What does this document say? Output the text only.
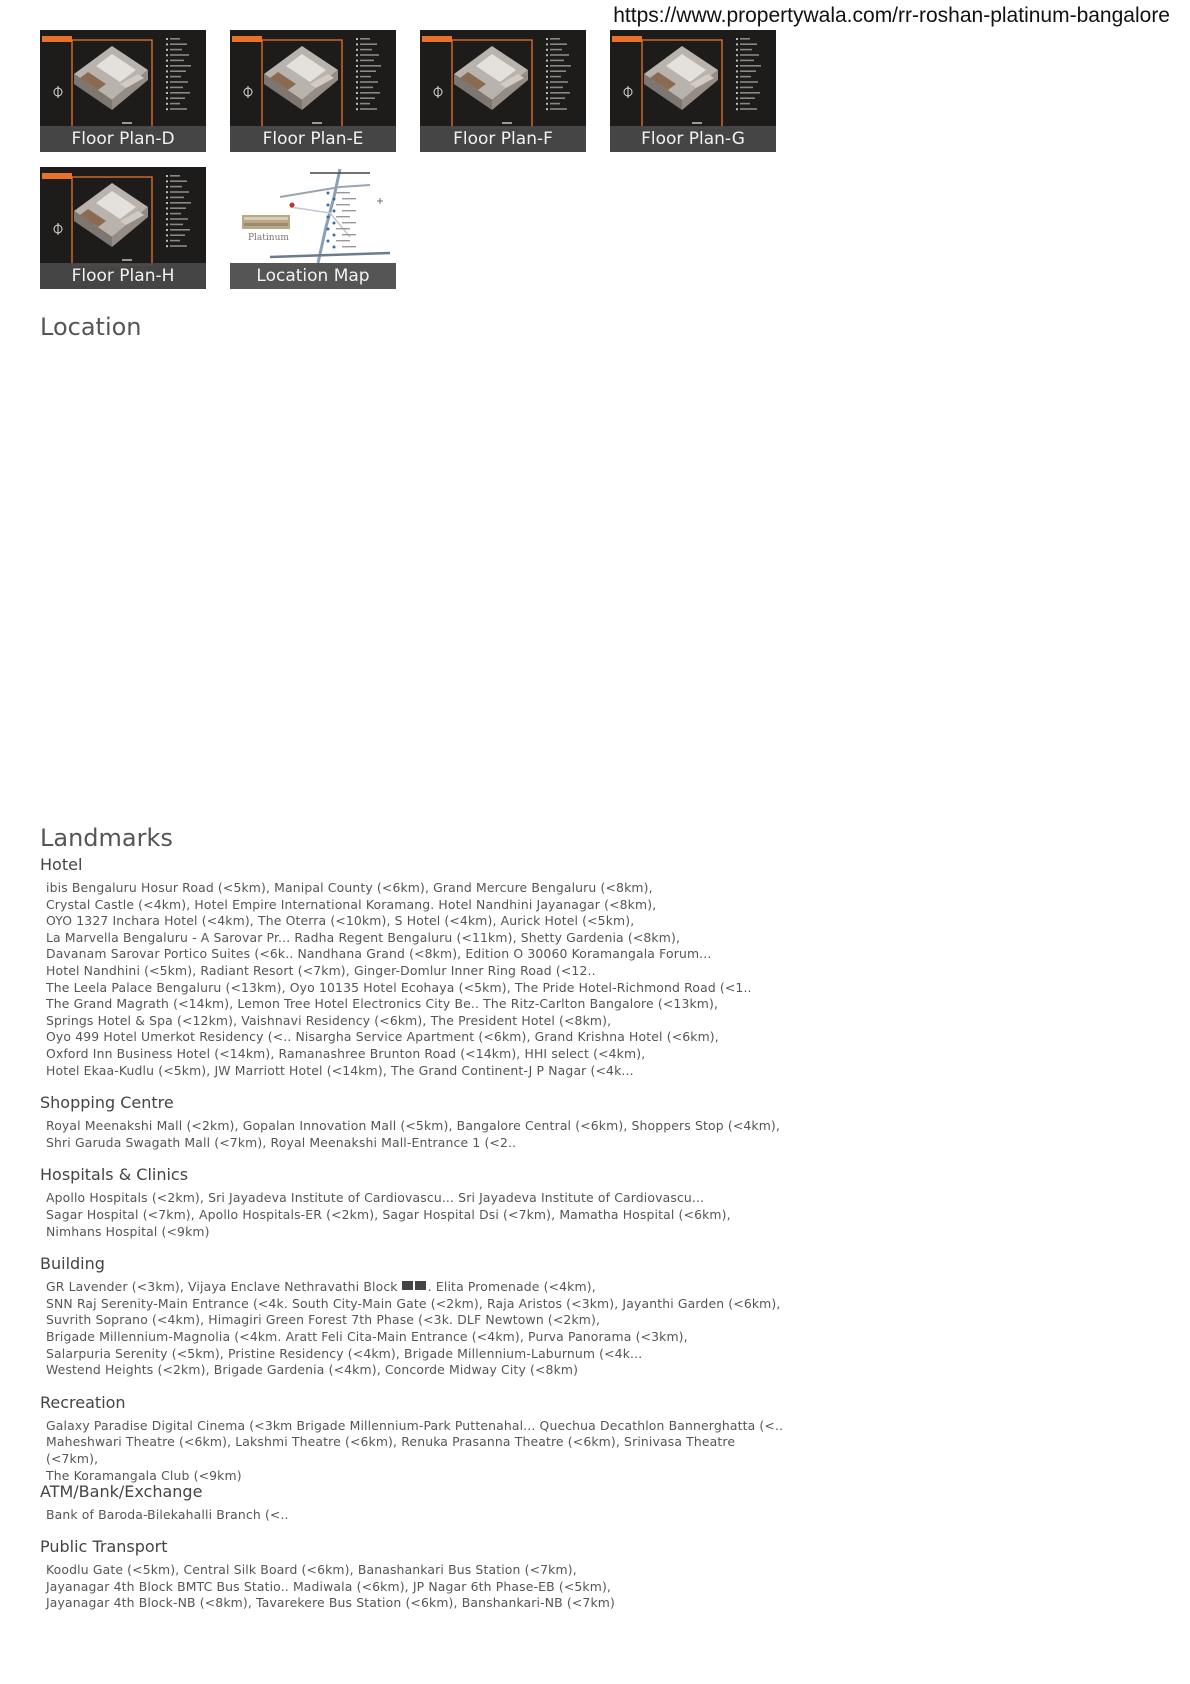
https://www.propertywala.com/rr-roshan-platinum-bangalore
Floor Plan-D	Floor Plan-E	Floor Plan-F	Floor Plan-G
Floor Plan-H
Platinum
Location Map
Location
Landmarks
Hotel
ibis Bengaluru Hosur Road (<5km), Manipal County (<6km), Grand Mercure Bengaluru (<8km),
Crystal Castle (<4km), Hotel Empire International Koramang. Hotel Nandhini Jayanagar (<8km),
OYO 1327 Inchara Hotel (<4km), The Oterra (<10km), S Hotel (<4km), Aurick Hotel (<5km),
La Marvella Bengaluru - A Sarovar Pr... Radha Regent Bengaluru (<11km), Shetty Gardenia (<8km),
Davanam Sarovar Portico Suites (<6k.. Nandhana Grand (<8km), Edition O 30060 Koramangala Forum...
Hotel Nandhini (<5km), Radiant Resort (<7km), Ginger-Domlur Inner Ring Road (<12..
The Leela Palace Bengaluru (<13km), Oyo 10135 Hotel Ecohaya (<5km), The Pride Hotel-Richmond Road (<1..
The Grand Magrath (<14km), Lemon Tree Hotel Electronics City Be.. The Ritz-Carlton Bangalore (<13km),
Springs Hotel & Spa (<12km), Vaishnavi Residency (<6km), The President Hotel (<8km),
Oyo 499 Hotel Umerkot Residency (<.. Nisargha Service Apartment (<6km), Grand Krishna Hotel (<6km),
Oxford Inn Business Hotel (<14km), Ramanashree Brunton Road (<14km), HHI select (<4km),
Hotel Ekaa-Kudlu (<5km), JW Marriott Hotel (<14km), The Grand Continent-J P Nagar (<4k...
Shopping Centre
Royal Meenakshi Mall (<2km), Gopalan Innovation Mall (<5km), Bangalore Central (<6km), Shoppers Stop (<4km),
Shri Garuda Swagath Mall (<7km), Royal Meenakshi Mall-Entrance 1 (<2..
Hospitals & Clinics
Apollo Hospitals (<2km), Sri Jayadeva Institute of Cardiovascu... Sri Jayadeva Institute of Cardiovascu...
Sagar Hospital (<7km), Apollo Hospitals-ER (<2km), Sagar Hospital Dsi (<7km), Mamatha Hospital (<6km),
Nimhans Hospital (<9km)
Building
GR Lavender (<3km), Vijaya Enclave Nethravathi Block . Elita Promenade (<4km),
SNN Raj Serenity-Main Entrance (<4k. South City-Main Gate (<2km), Raja Aristos (<3km), Jayanthi Garden (<6km),
Suvrith Soprano (<4km), Himagiri Green Forest 7th Phase (<3k. DLF Newtown (<2km),
Brigade Millennium-Magnolia (<4km. Aratt Feli Cita-Main Entrance (<4km), Purva Panorama (<3km),
Salarpuria Serenity (<5km), Pristine Residency (<4km), Brigade Millennium-Laburnum (<4k...
Westend Heights (<2km), Brigade Gardenia (<4km), Concorde Midway City (<8km)
Recreation
Galaxy Paradise Digital Cinema (<3km Brigade Millennium-Park Puttenahal... Quechua Decathlon Bannerghatta (<..
Maheshwari Theatre (<6km), Lakshmi Theatre (<6km), Renuka Prasanna Theatre (<6km), Srinivasa Theatre (<7km),
The Koramangala Club (<9km)
ATM/Bank/Exchange
Bank of Baroda-Bilekahalli Branch (<..
Public Transport
Koodlu Gate (<5km), Central Silk Board (<6km), Banashankari Bus Station (<7km),
Jayanagar 4th Block BMTC Bus Statio.. Madiwala (<6km), JP Nagar 6th Phase-EB (<5km),
Jayanagar 4th Block-NB (<8km), Tavarekere Bus Station (<6km), Banshankari-NB (<7km)
